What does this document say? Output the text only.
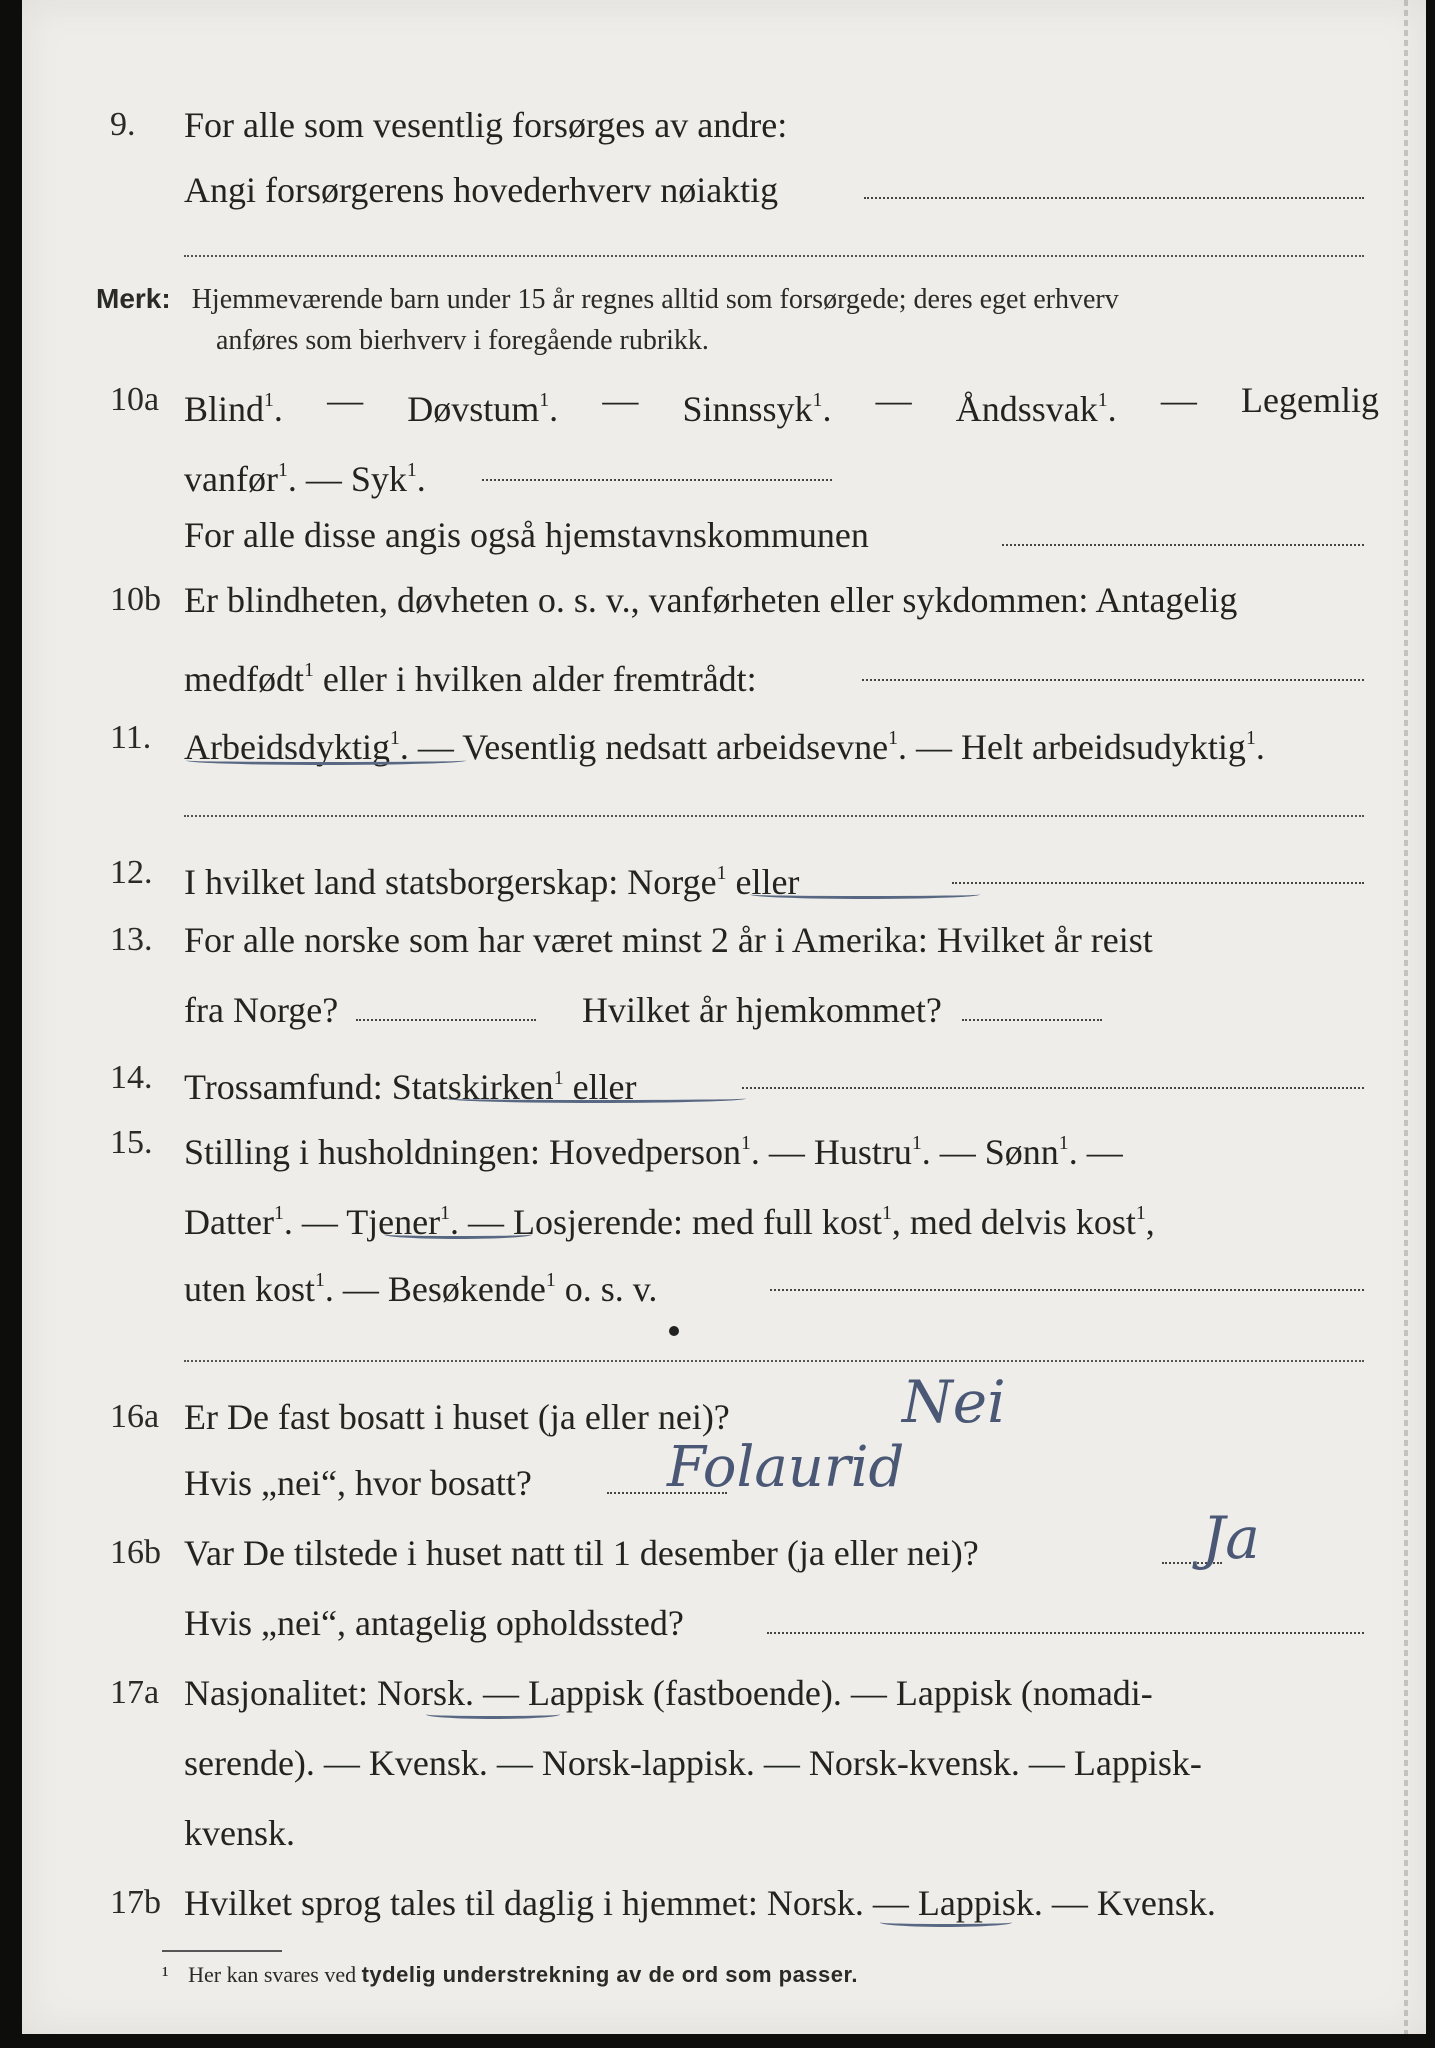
9. For alle som vesentlig forsørges av andre:
Angi forsørgerens hovederhverv nøiaktig
Merk: Hjemmeværende barn under 15 år regnes alltid som forsørgede; deres eget erhverv
anføres som bierhverv i foregående rubrikk.
10a Blind$^1$. — Døvstum$^1$. — Sinnssyk$^1$. — Åndssvak$^1$. — Legemlig
vanfør$^1$. — Syk$^1$.
For alle disse angis også hjemstavnskommunen
10b Er blindheten, døvheten o. s. v., vanførheten eller sykdommen: Antagelig
medfødt$^1$ eller i hvilken alder fremtrådt:
11. Arbeidsdyktig$^1$. — Vesentlig nedsatt arbeidsevne$^1$. — Helt arbeidsudyktig$^1$.
12. I hvilket land statsborgerskap: Norge$^1$ eller
13. For alle norske som har været minst 2 år i Amerika: Hvilket år reist
fra Norge?	Hvilket år hjemkommet?
14. Trossamfund: Statskirken$^1$ eller
15. Stilling i husholdningen: Hovedperson$^1$. — Hustru$^1$. — Sønn$^1$. —
Datter$^1$. — Tjener$^1$. — Losjerende: med full kost$^1$, med delvis kost$^1$,
uten kost$^1$. — Besøkende$^1$ o. s. v.
16a Er De fast bosatt i huset (ja eller nei)?	Nei
Hvis „nei“, hvor bosatt? Folaurid
16b Var De tilstede i huset natt til 1 desember (ja eller nei)?	Ja
Hvis „nei“, antagelig opholdssted?
17a Nasjonalitet: Norsk. — Lappisk (fastboende). — Lappisk (nomadi-
serende). — Kvensk. — Norsk-lappisk. — Norsk-kvensk. — Lappisk-
kvensk.
17b Hvilket sprog tales til daglig i hjemmet: Norsk. — Lappisk. — Kvensk.
¹ Her kan svares ved tydelig understrekning av de ord som passer.
